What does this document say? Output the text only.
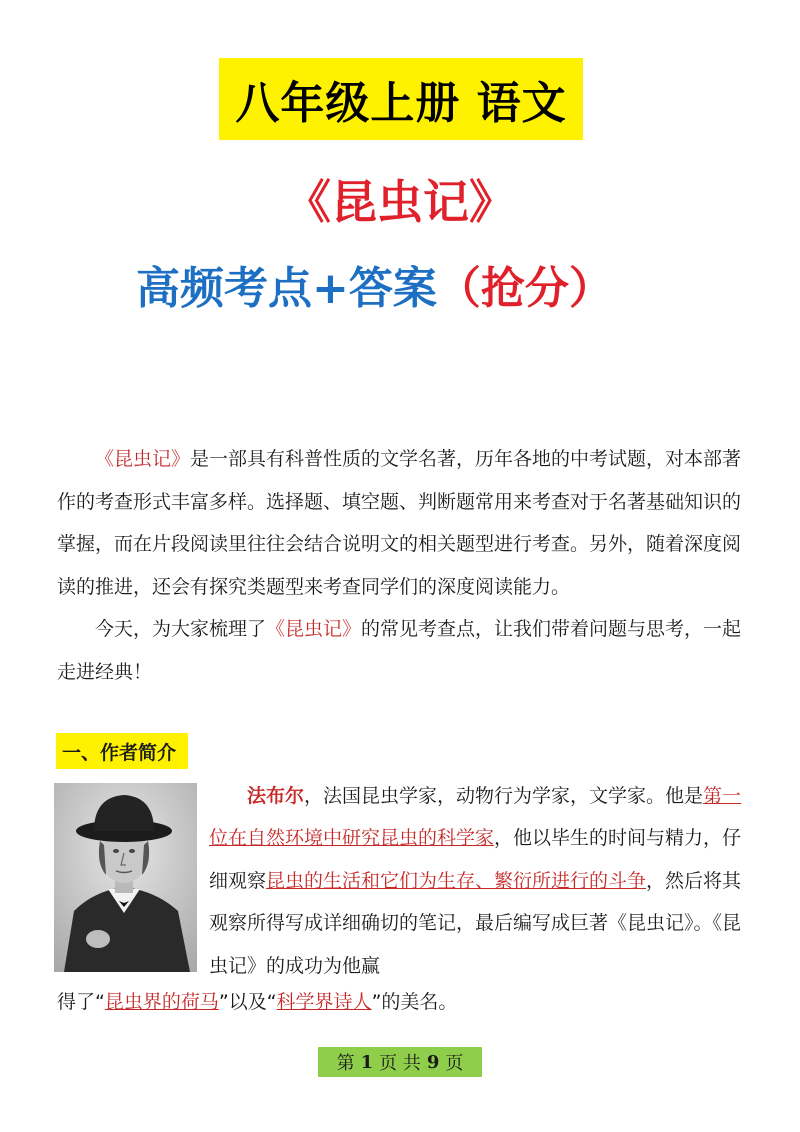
八年级上册 语文
《昆虫记》
高频考点+答案（抢分）

《昆虫记》是一部具有科普性质的文学名著，历年各地的中考试题，对本部著作的考查形式丰富多样。选择题、填空题、判断题常用来考查对于名著基础知识的掌握，而在片段阅读里往往会结合说明文的相关题型进行考查。另外，随着深度阅读的推进，还会有探究类题型来考查同学们的深度阅读能力。

今天，为大家梳理了《昆虫记》的常见考查点，让我们带着问题与思考，一起走进经典！

一、作者简介

法布尔，法国昆虫学家，动物行为学家，文学家。他是第一位在自然环境中研究昆虫的科学家，他以毕生的时间与精力，仔细观察昆虫的生活和它们为生存、繁衍所进行的斗争，然后将其观察所得写成详细确切的笔记，最后编写成巨著《昆虫记》。《昆虫记》的成功为他赢

得了“昆虫界的荷马”以及“科学界诗人”的美名。
第 1 页 共 9 页
